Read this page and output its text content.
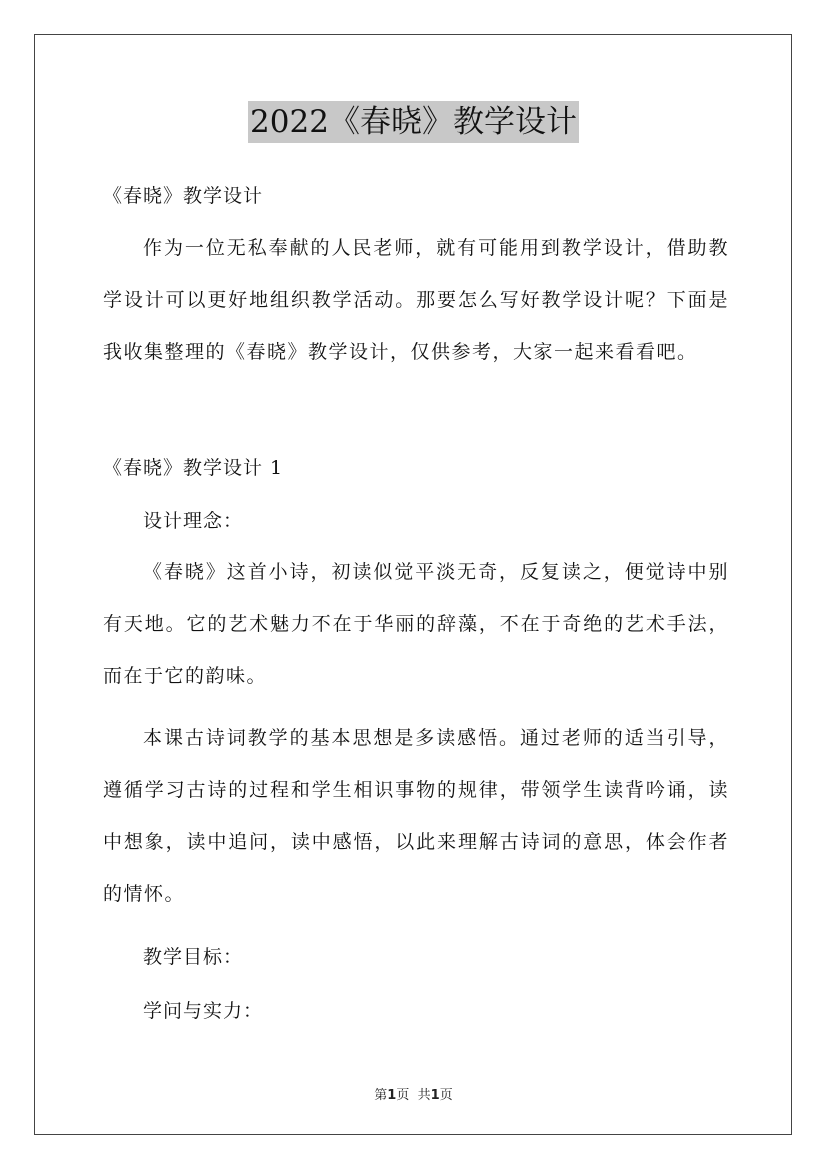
2022《春晓》教学设计
《春晓》教学设计
作为一位无私奉献的人民老师，就有可能用到教学设计，借助教学设计可以更好地组织教学活动。那要怎么写好教学设计呢？下面是我收集整理的《春晓》教学设计，仅供参考，大家一起来看看吧。
《春晓》教学设计 1
设计理念：
《春晓》这首小诗，初读似觉平淡无奇，反复读之，便觉诗中别有天地。它的艺术魅力不在于华丽的辞藻，不在于奇绝的艺术手法，而在于它的韵味。
本课古诗词教学的基本思想是多读感悟。通过老师的适当引导，遵循学习古诗的过程和学生相识事物的规律，带领学生读背吟诵，读中想象，读中追问，读中感悟，以此来理解古诗词的意思，体会作者的情怀。
教学目标：
学问与实力：
第1页 共1页
